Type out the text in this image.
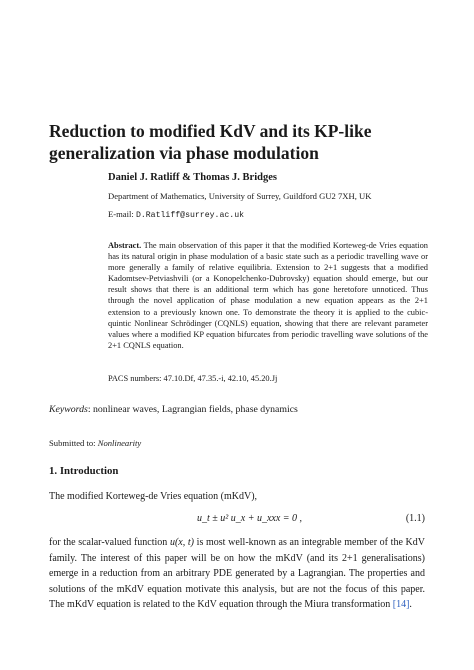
Reduction to modified KdV and its KP-like generalization via phase modulation
Daniel J. Ratliff & Thomas J. Bridges
Department of Mathematics, University of Surrey, Guildford GU2 7XH, UK
E-mail: D.Ratliff@surrey.ac.uk

Abstract. The main observation of this paper it that the modified Korteweg-de Vries equation has its natural origin in phase modulation of a basic state such as a periodic travelling wave or more generally a family of relative equilibria. Extension to 2+1 suggests that a modified Kadomtsev-Petviashvili (or a Konopelchenko-Dubrovsky) equation should emerge, but our result shows that there is an additional term which has gone heretofore unnoticed. Thus through the novel application of phase modulation a new equation appears as the 2+1 extension to a previously known one. To demonstrate the theory it is applied to the cubic-quintic Nonlinear Schrödinger (CQNLS) equation, showing that there are relevant parameter values where a modified KP equation bifurcates from periodic travelling wave solutions of the 2+1 CQNLS equation.

PACS numbers: 47.10.Df, 47.35.-i, 42.10, 45.20.Jj
Keywords: nonlinear waves, Lagrangian fields, phase dynamics
Submitted to: Nonlinearity
1. Introduction

The modified Korteweg-de Vries equation (mKdV),

u_t ± u² u_x + u_xxx = 0 ,	(1.1)

for the scalar-valued function u(x, t) is most well-known as an integrable member of the KdV family. The interest of this paper will be on how the mKdV (and its 2+1 generalisations) emerge in a reduction from an arbitrary PDE generated by a Lagrangian. The properties and solutions of the mKdV equation motivate this analysis, but are not the focus of this paper. The mKdV equation is related to the KdV equation through the Miura transformation [14].
